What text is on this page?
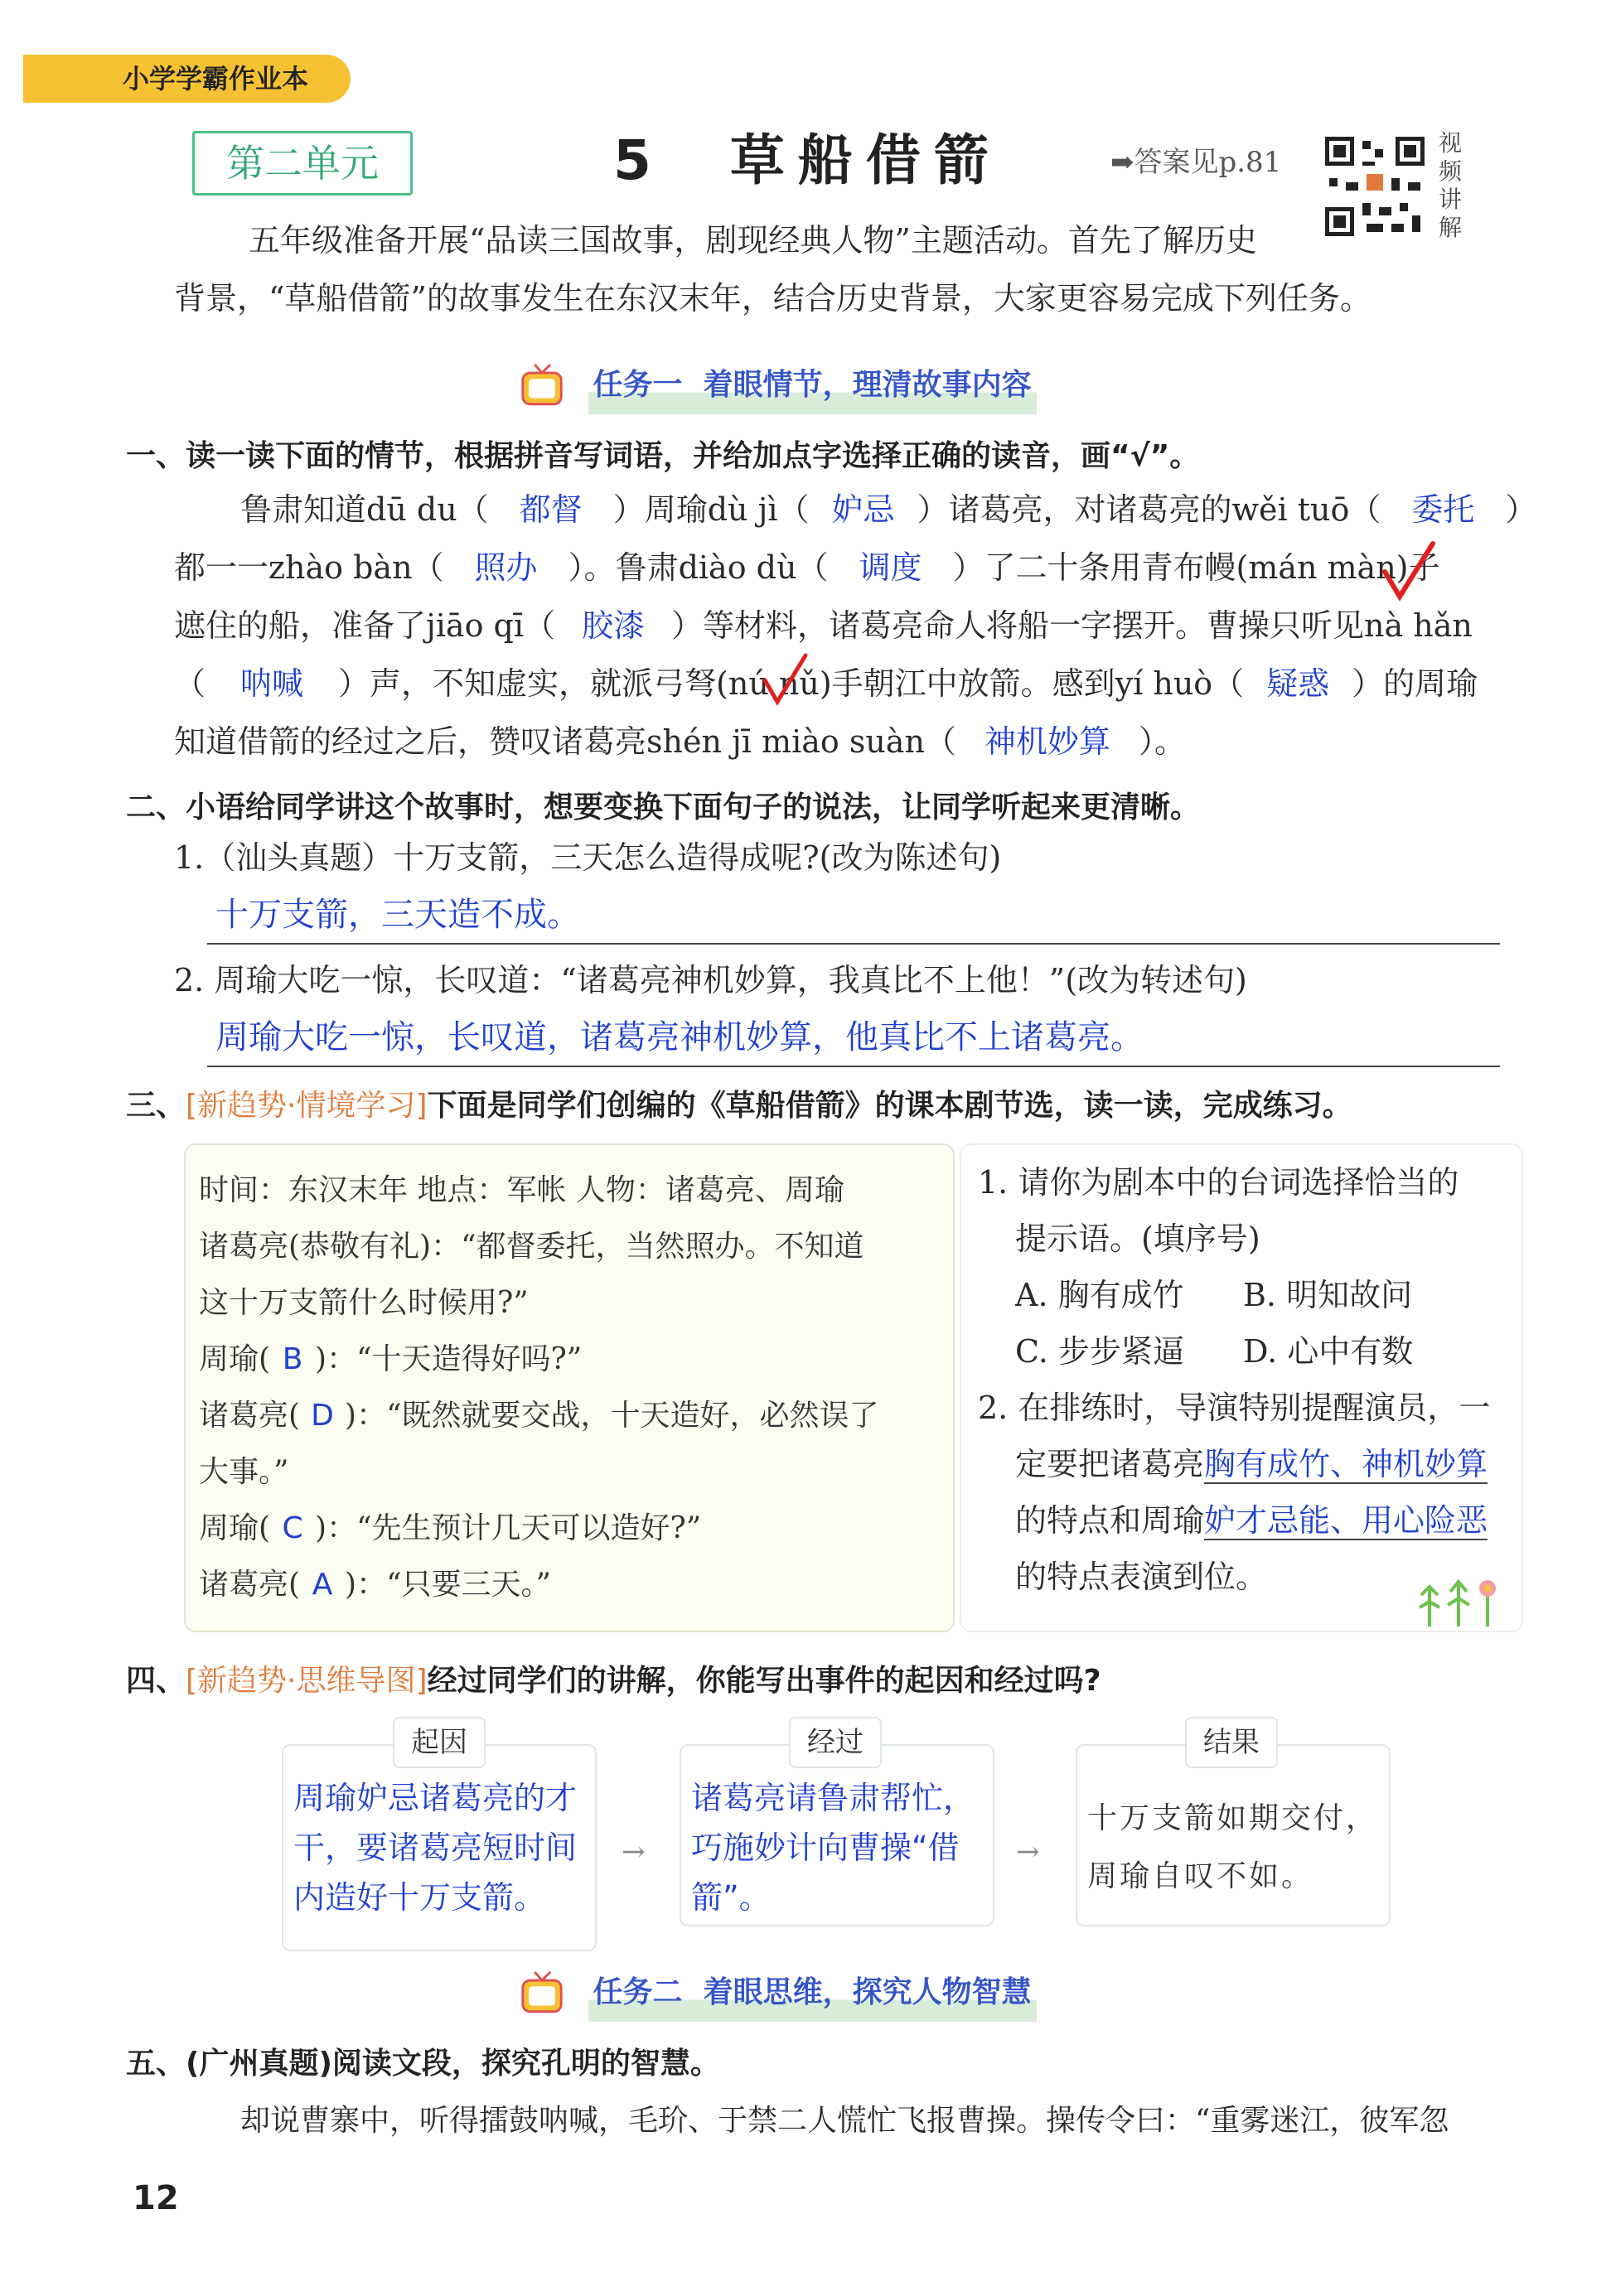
小学学霸作业本
第二单元	5 草船借箭	➡答案见p.81
视频讲解
五年级准备开展“品读三国故事，剧现经典人物”主题活动。首先了解历史
背景，“草船借箭”的故事发生在东汉末年，结合历史背景，大家更容易完成下列任务。
任务一 着眼情节，理清故事内容
一、读一读下面的情节，根据拼音写词语，并给加点字选择正确的读音，画“√”。
鲁肃知道dū du（ 都督 ）周瑜dù jì（ 妒忌 ）诸葛亮，对诸葛亮的wěi tuō（ 委托 ）
都一一zhào bàn（ 照办 ）。鲁肃diào dù（ 调度 ）了二十条用青布幔(mán màn)子
遮住的船，准备了jiāo qī（ 胶漆 ）等材料，诸葛亮命人将船一字摆开。曹操只听见nà hǎn
（ 呐喊 ）声，不知虚实，就派弓弩(nú nǔ)手朝江中放箭。感到yí huò（ 疑惑 ）的周瑜
知道借箭的经过之后，赞叹诸葛亮shén jī miào suàn（ 神机妙算 ）。
二、小语给同学讲这个故事时，想要变换下面句子的说法，让同学听起来更清晰。
1.（汕头真题）十万支箭，三天怎么造得成呢?(改为陈述句)
十万支箭，三天造不成。
2. 周瑜大吃一惊，长叹道：“诸葛亮神机妙算，我真比不上他！”(改为转述句)
周瑜大吃一惊，长叹道，诸葛亮神机妙算，他真比不上诸葛亮。
三、[新趋势·情境学习]下面是同学们创编的《草船借箭》的课本剧节选，读一读，完成练习。
时间：东汉末年 地点：军帐 人物：诸葛亮、周瑜
诸葛亮(恭敬有礼)：“都督委托，当然照办。不知道
这十万支箭什么时候用?”
周瑜( B )：“十天造得好吗?”
诸葛亮( D )：“既然就要交战，十天造好，必然误了
大事。”
周瑜( C )：“先生预计几天可以造好?”
诸葛亮( A )：“只要三天。”
1. 请你为剧本中的台词选择恰当的
提示语。(填序号)
A. 胸有成竹 B. 明知故问
C. 步步紧逼 D. 心中有数
2. 在排练时，导演特别提醒演员，一
定要把诸葛亮胸有成竹、神机妙算
的特点和周瑜妒才忌能、用心险恶
的特点表演到位。
四、[新趋势·思维导图]经过同学们的讲解，你能写出事件的起因和经过吗?
起因
周瑜妒忌诸葛亮的才干，要诸葛亮短时间内造好十万支箭。
→
经过
诸葛亮请鲁肃帮忙，巧施妙计向曹操“借箭”。
→
结果
十万支箭如期交付，周瑜自叹不如。
任务二 着眼思维，探究人物智慧
五、(广州真题)阅读文段，探究孔明的智慧。
却说曹寨中，听得擂鼓呐喊，毛玠、于禁二人慌忙飞报曹操。操传令曰：“重雾迷江，彼军忽
12
